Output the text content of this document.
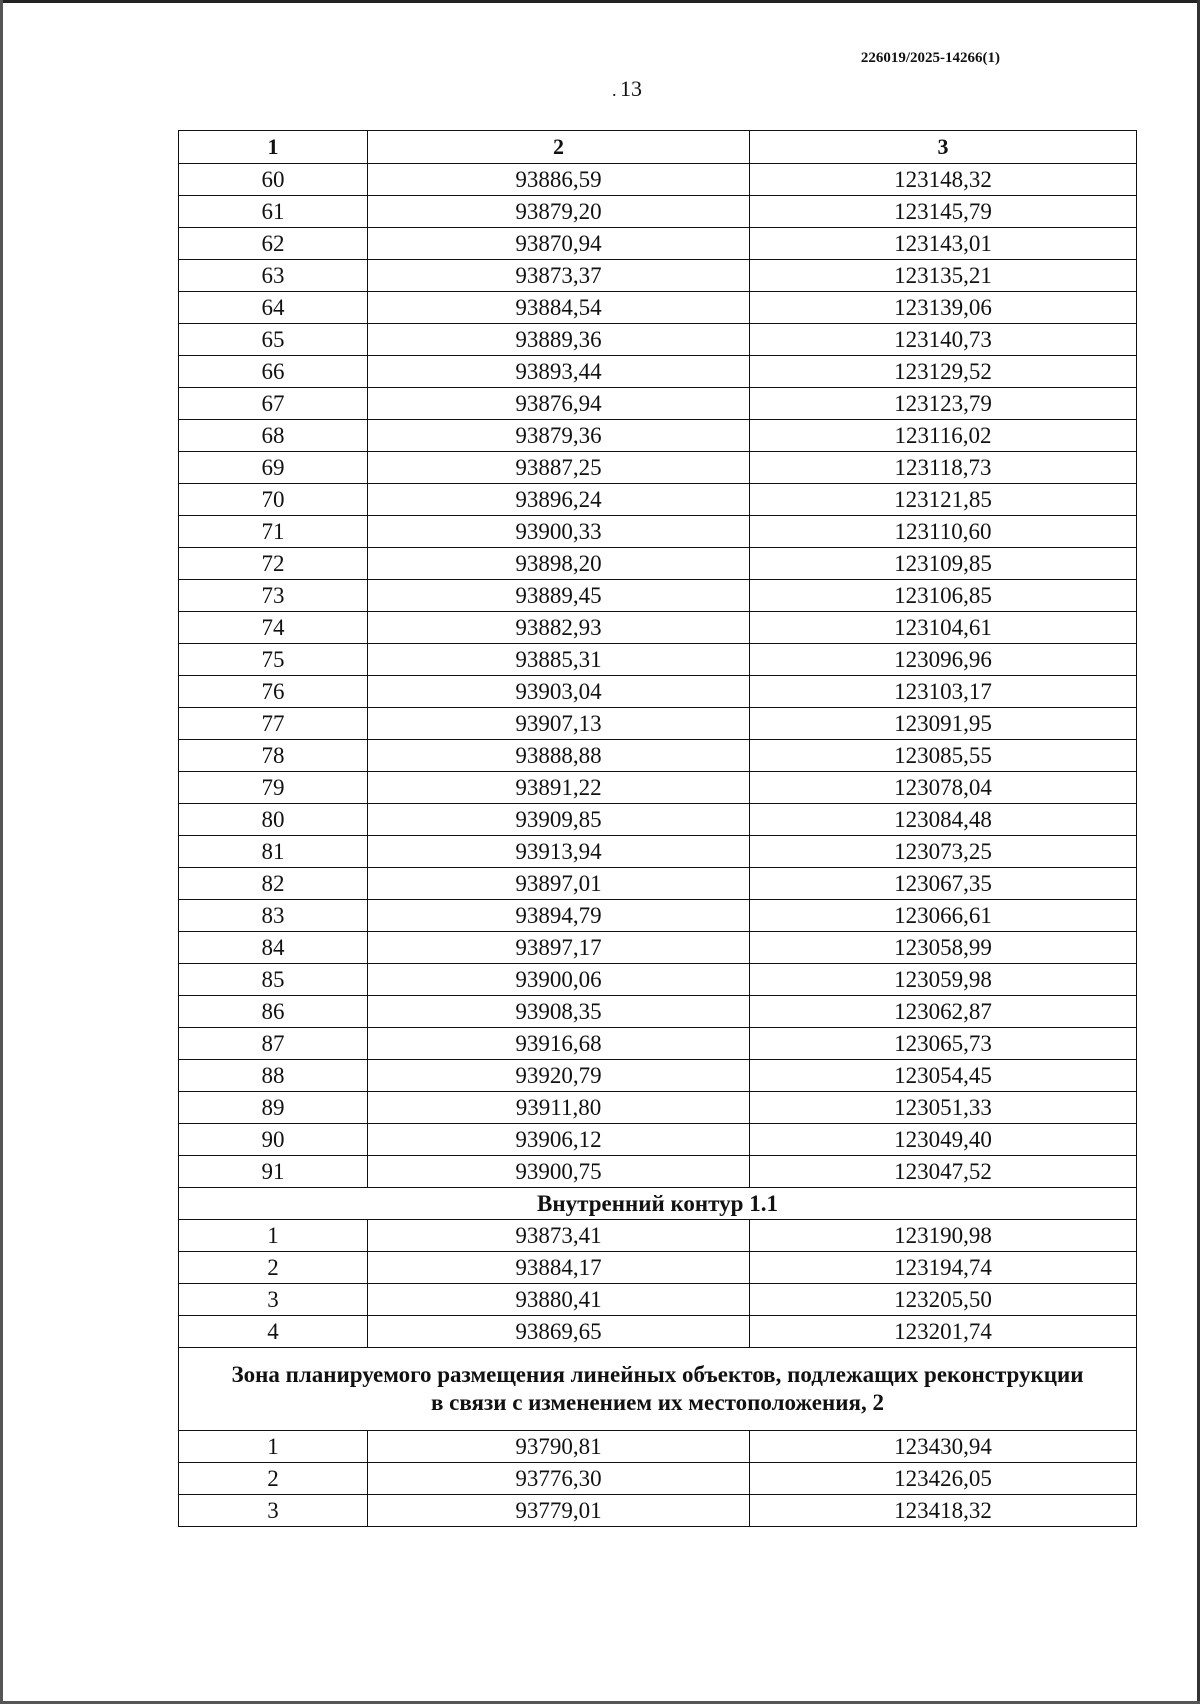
226019/2025-14266(1)
. 13
1	2	3
60	93886,59	123148,32
61	93879,20	123145,79
62	93870,94	123143,01
63	93873,37	123135,21
64	93884,54	123139,06
65	93889,36	123140,73
66	93893,44	123129,52
67	93876,94	123123,79
68	93879,36	123116,02
69	93887,25	123118,73
70	93896,24	123121,85
71	93900,33	123110,60
72	93898,20	123109,85
73	93889,45	123106,85
74	93882,93	123104,61
75	93885,31	123096,96
76	93903,04	123103,17
77	93907,13	123091,95
78	93888,88	123085,55
79	93891,22	123078,04
80	93909,85	123084,48
81	93913,94	123073,25
82	93897,01	123067,35
83	93894,79	123066,61
84	93897,17	123058,99
85	93900,06	123059,98
86	93908,35	123062,87
87	93916,68	123065,73
88	93920,79	123054,45
89	93911,80	123051,33
90	93906,12	123049,40
91	93900,75	123047,52
Внутренний контур 1.1		
1	93873,41	123190,98
2	93884,17	123194,74
3	93880,41	123205,50
4	93869,65	123201,74
Зона планируемого размещения линейных объектов, подлежащих реконструкции
в связи с изменением их местоположения, 2		
1	93790,81	123430,94
2	93776,30	123426,05
3	93779,01	123418,32
